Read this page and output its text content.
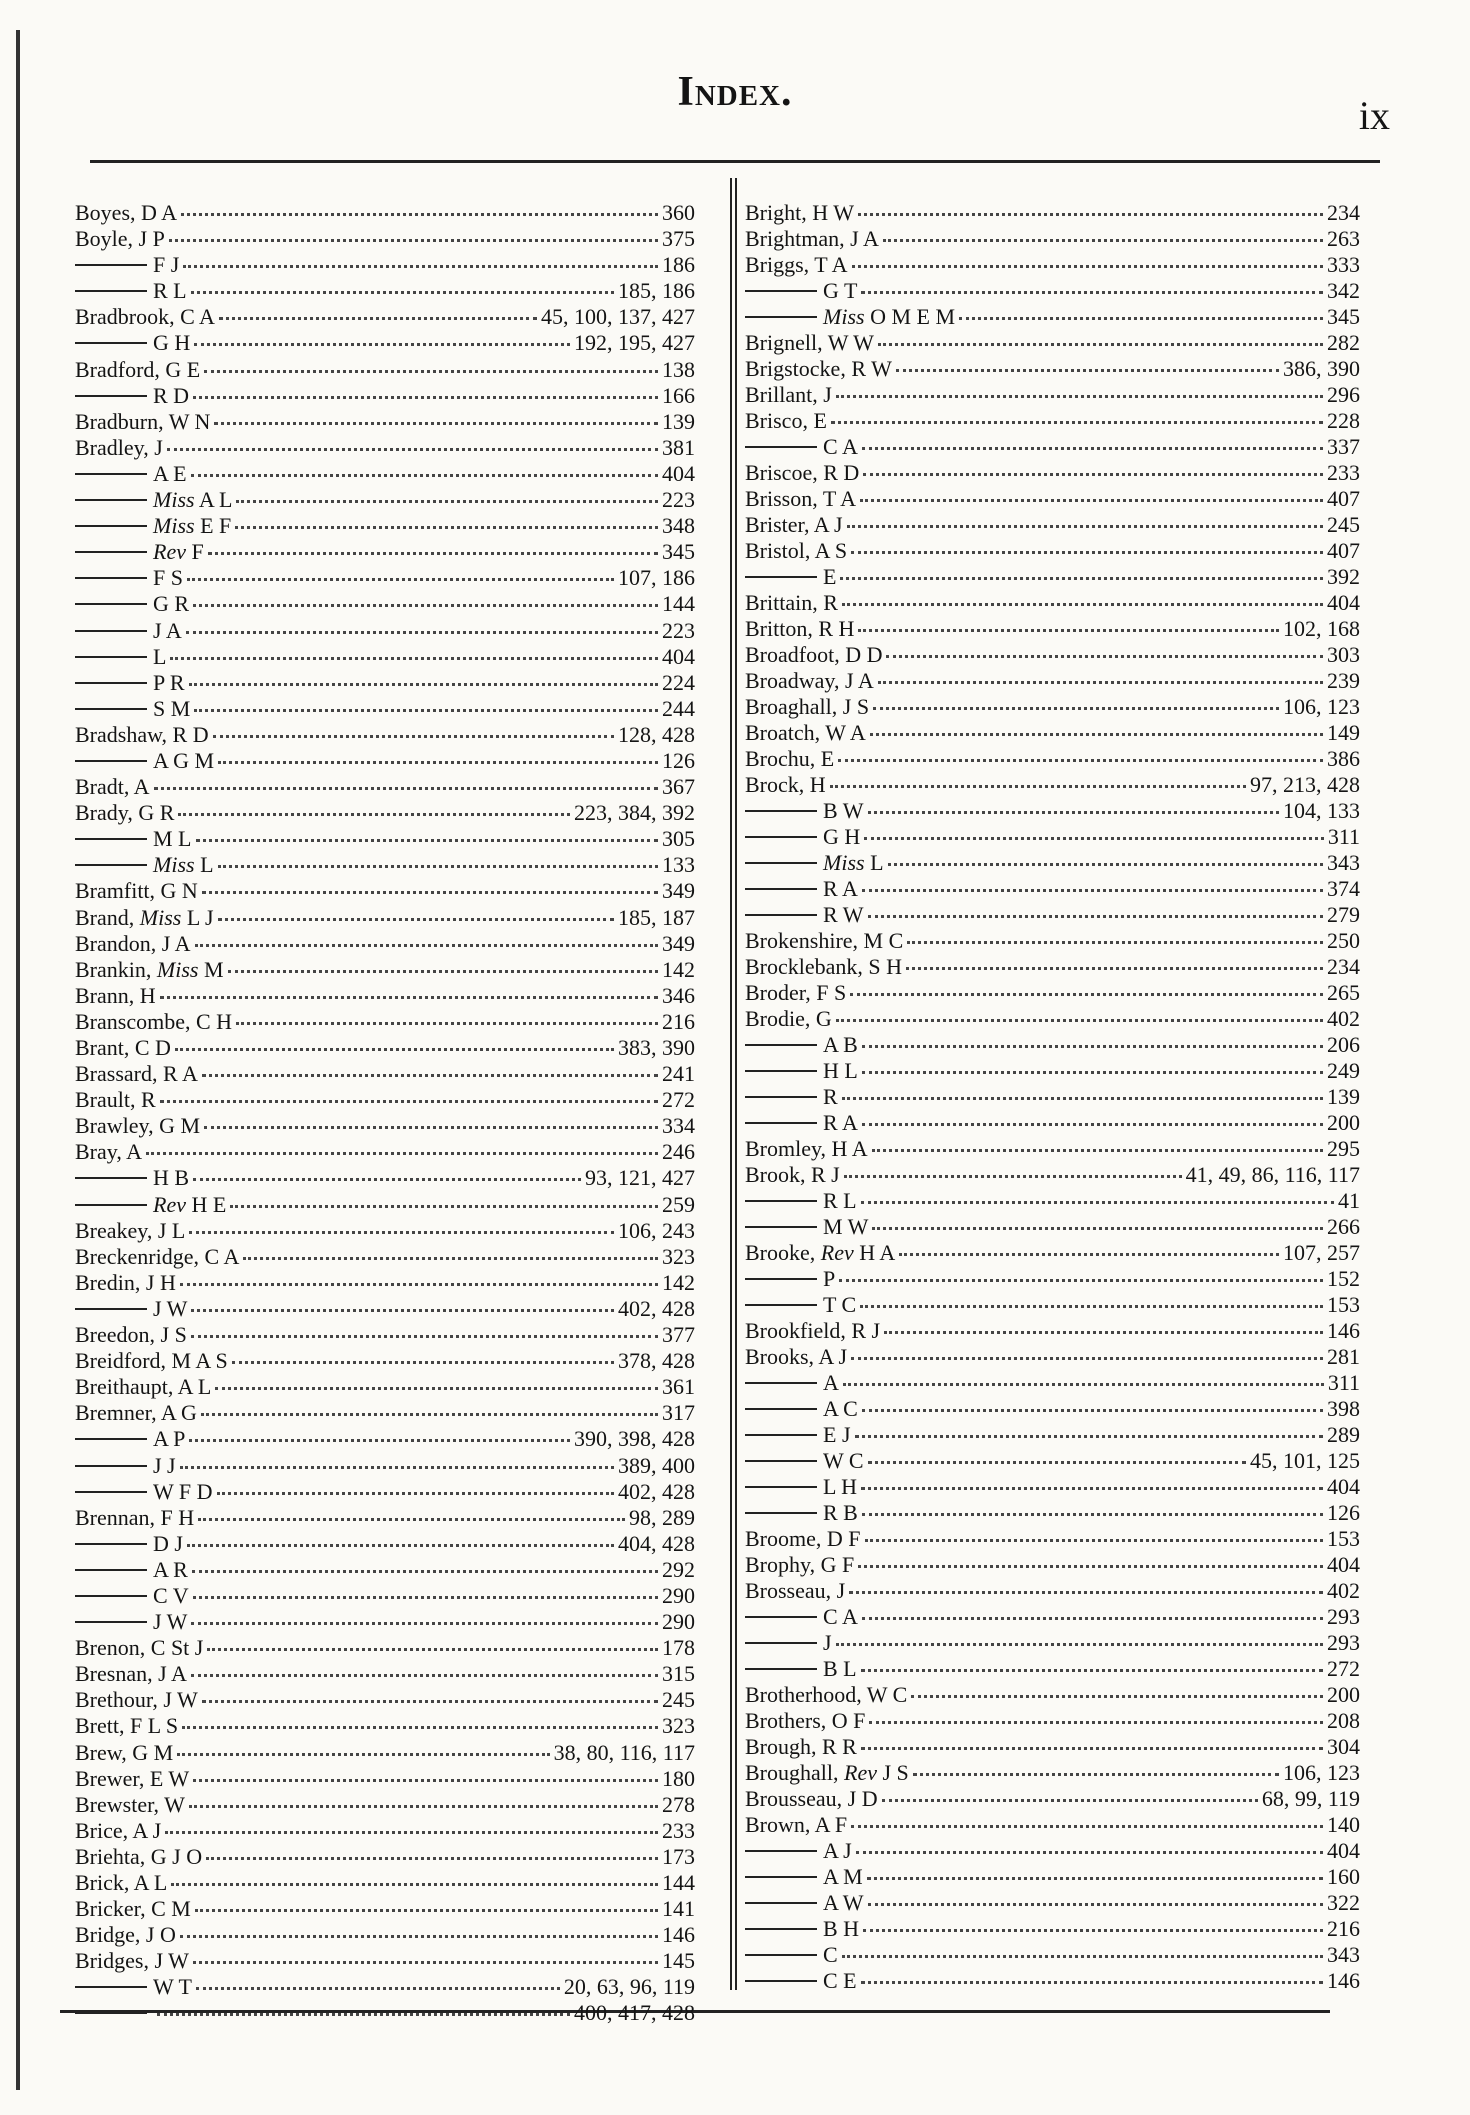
Index.
ix
Boyes, D A	360
Boyle, J P	375
F J	186
R L	185, 186
Bradbrook, C A	45, 100, 137, 427
G H	192, 195, 427
Bradford, G E	138
R D	166
Bradburn, W N	139
Bradley, J	381
A E	404
Miss A L	223
Miss E F	348
Rev F	345
F S	107, 186
G R	144
J A	223
L	404
P R	224
S M	244
Bradshaw, R D	128, 428
A G M	126
Bradt, A	367
Brady, G R	223, 384, 392
M L	305
Miss L	133
Bramfitt, G N	349
Brand, Miss L J	185, 187
Brandon, J A	349
Brankin, Miss M	142
Brann, H	346
Branscombe, C H	216
Brant, C D	383, 390
Brassard, R A	241
Brault, R	272
Brawley, G M	334
Bray, A	246
H B	93, 121, 427
Rev H E	259
Breakey, J L	106, 243
Breckenridge, C A	323
Bredin, J H	142
J W	402, 428
Breedon, J S	377
Breidford, M A S	378, 428
Breithaupt, A L	361
Bremner, A G	317
A P	390, 398, 428
J J	389, 400
W F D	402, 428
Brennan, F H	98, 289
D J	404, 428
A R	292
C V	290
J W	290
Brenon, C St J	178
Bresnan, J A	315
Brethour, J W	245
Brett, F L S	323
Brew, G M	38, 80, 116, 117
Brewer, E W	180
Brewster, W	278
Brice, A J	233
Briehta, G J O	173
Brick, A L	144
Bricker, C M	141
Bridge, J O	146
Bridges, J W	145
W T	20, 63, 96, 119
400, 417, 428
Bright, H W	234
Brightman, J A	263
Briggs, T A	333
G T	342
Miss O M E M	345
Brignell, W W	282
Brigstocke, R W	386, 390
Brillant, J	296
Brisco, E	228
C A	337
Briscoe, R D	233
Brisson, T A	407
Brister, A J	245
Bristol, A S	407
E	392
Brittain, R	404
Britton, R H	102, 168
Broadfoot, D D	303
Broadway, J A	239
Broaghall, J S	106, 123
Broatch, W A	149
Brochu, E	386
Brock, H	97, 213, 428
B W	104, 133
G H	311
Miss L	343
R A	374
R W	279
Brokenshire, M C	250
Brocklebank, S H	234
Broder, F S	265
Brodie, G	402
A B	206
H L	249
R	139
R A	200
Bromley, H A	295
Brook, R J	41, 49, 86, 116, 117
R L	41
M W	266
Brooke, Rev H A	107, 257
P	152
T C	153
Brookfield, R J	146
Brooks, A J	281
A	311
A C	398
E J	289
W C	45, 101, 125
L H	404
R B	126
Broome, D F	153
Brophy, G F	404
Brosseau, J	402
C A	293
J	293
B L	272
Brotherhood, W C	200
Brothers, O F	208
Brough, R R	304
Broughall, Rev J S	106, 123
Brousseau, J D	68, 99, 119
Brown, A F	140
A J	404
A M	160
A W	322
B H	216
C	343
C E	146
